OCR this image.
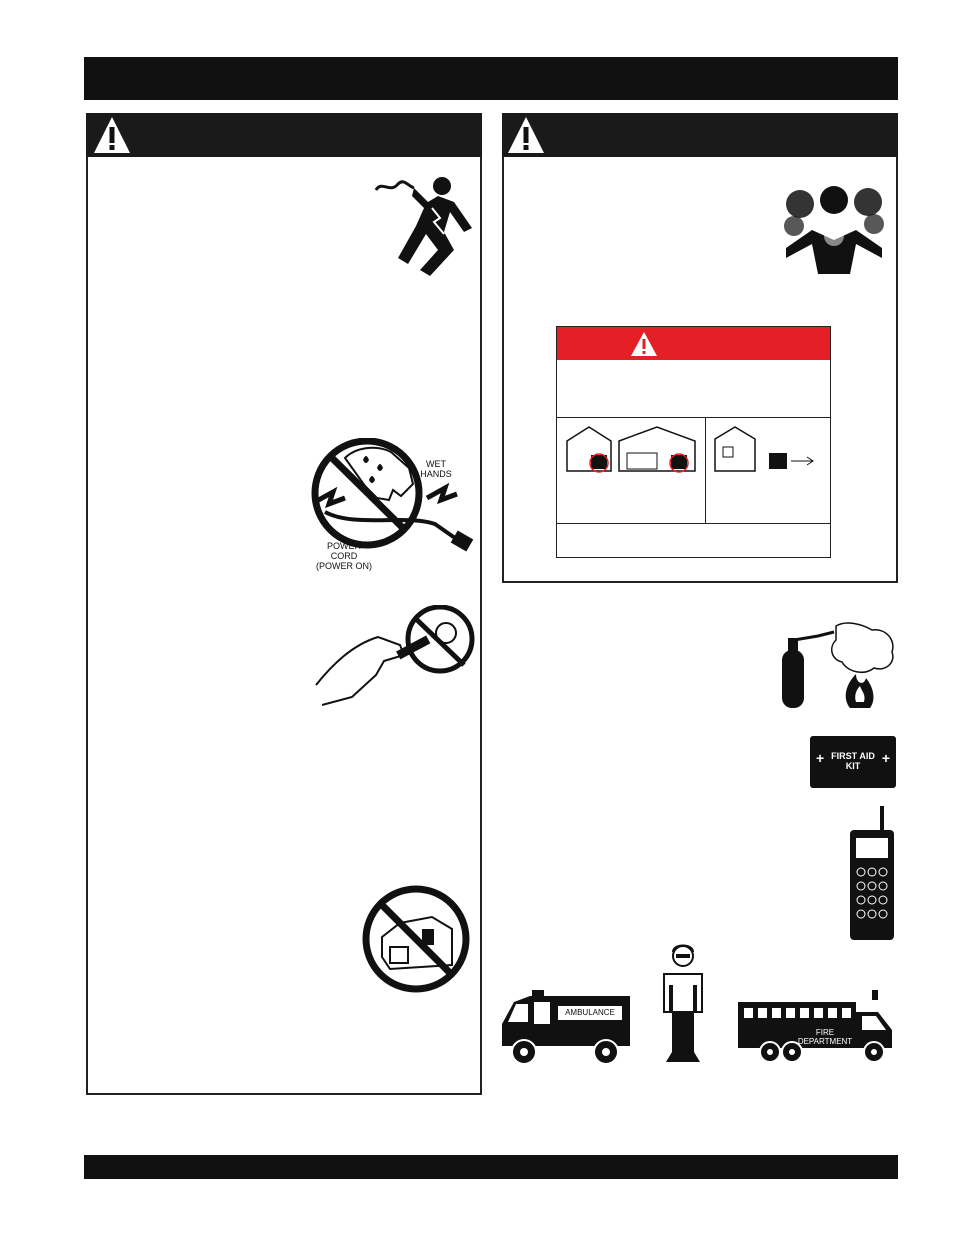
WET
HANDS
POWER
CORD
(POWER ON)
FIRST AID
KIT
+	+
AMBULANCE
FIRE
DEPARTMENT
